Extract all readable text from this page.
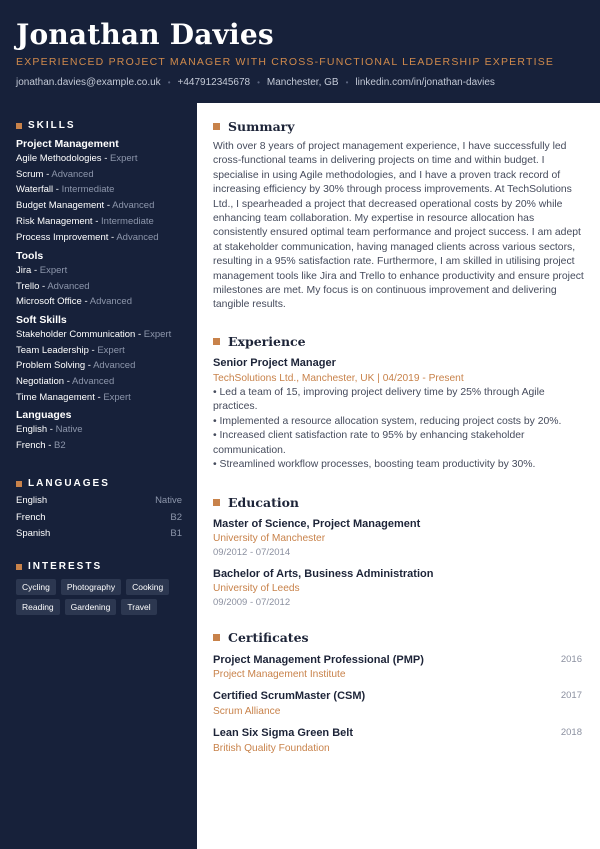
Jonathan Davies
EXPERIENCED PROJECT MANAGER WITH CROSS-FUNCTIONAL LEADERSHIP EXPERTISE
jonathan.davies@example.co.uk • +447912345678 • Manchester, GB • linkedin.com/in/jonathan-davies
SKILLS
Project Management
Agile Methodologies - Expert
Scrum - Advanced
Waterfall - Intermediate
Budget Management - Advanced
Risk Management - Intermediate
Process Improvement - Advanced
Tools
Jira - Expert
Trello - Advanced
Microsoft Office - Advanced
Soft Skills
Stakeholder Communication - Expert
Team Leadership - Expert
Problem Solving - Advanced
Negotiation - Advanced
Time Management - Expert
Languages
English - Native
French - B2
LANGUAGES
English	Native
French	B2
Spanish	B1
INTERESTS
Cycling	Photography	Cooking
Reading	Gardening	Travel
Summary
With over 8 years of project management experience, I have successfully led cross-functional teams in delivering projects on time and within budget. I specialise in using Agile methodologies, and I have a proven track record of increasing efficiency by 30% through process improvements. At TechSolutions Ltd., I spearheaded a project that decreased operational costs by 20% while enhancing team collaboration. My expertise in resource allocation has consistently ensured optimal team performance and project success. I am adept at stakeholder communication, having managed clients across various sectors, resulting in a 95% satisfaction rate. Furthermore, I am skilled in utilising project management tools like Jira and Trello to enhance productivity and ensure project milestones are met. My focus is on continuous improvement and delivering tangible results.
Experience
Senior Project Manager
TechSolutions Ltd., Manchester, UK | 04/2019 - Present
• Led a team of 15, improving project delivery time by 25% through Agile practices.
• Implemented a resource allocation system, reducing project costs by 20%.
• Increased client satisfaction rate to 95% by enhancing stakeholder communication.
• Streamlined workflow processes, boosting team productivity by 30%.
Education
Master of Science, Project Management
University of Manchester
09/2012 - 07/2014
Bachelor of Arts, Business Administration
University of Leeds
09/2009 - 07/2012
Certificates
Project Management Professional (PMP)	2016
Project Management Institute
Certified ScrumMaster (CSM)	2017
Scrum Alliance
Lean Six Sigma Green Belt	2018
British Quality Foundation
